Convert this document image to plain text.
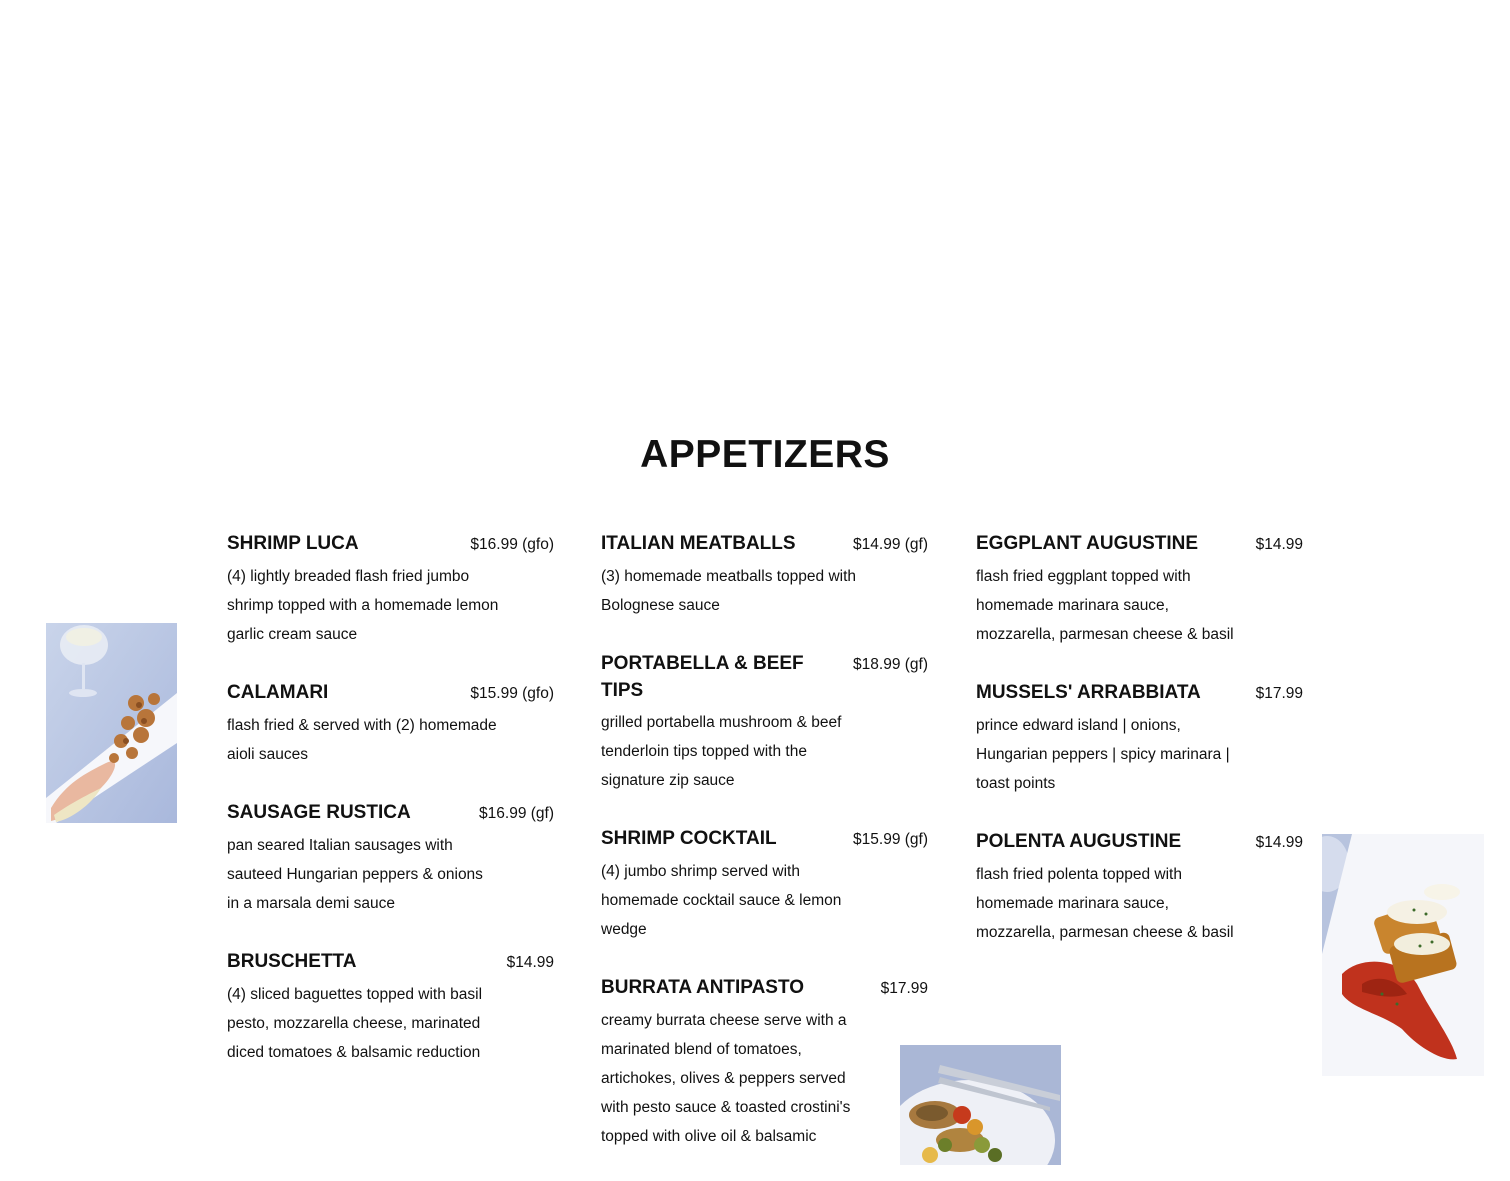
APPETIZERS
SHRIMP LUCA	$16.99 (gfo)
(4) lightly breaded flash fried jumbo shrimp topped with a homemade lemon garlic cream sauce
CALAMARI	$15.99 (gfo)
flash fried & served with (2) homemade aioli sauces
SAUSAGE RUSTICA	$16.99 (gf)
pan seared Italian sausages with sauteed Hungarian peppers & onions in a marsala demi sauce
BRUSCHETTA	$14.99
(4) sliced baguettes topped with basil pesto, mozzarella cheese, marinated diced tomatoes & balsamic reduction
ITALIAN MEATBALLS	$14.99 (gf)
(3) homemade meatballs topped with Bolognese sauce
PORTABELLA & BEEF TIPS
$18.99 (gf)
grilled portabella mushroom & beef tenderloin tips topped with the signature zip sauce
SHRIMP COCKTAIL	$15.99 (gf)
(4) jumbo shrimp served with homemade cocktail sauce & lemon wedge
BURRATA ANTIPASTO	$17.99
creamy burrata cheese serve with a marinated blend of tomatoes, artichokes, olives & peppers served with pesto sauce & toasted crostini's topped with olive oil & balsamic
EGGPLANT AUGUSTINE	$14.99
flash fried eggplant topped with homemade marinara sauce, mozzarella, parmesan cheese & basil
MUSSELS' ARRABBIATA	$17.99
prince edward island | onions, Hungarian peppers | spicy marinara | toast points
POLENTA AUGUSTINE	$14.99
flash fried polenta topped with homemade marinara sauce, mozzarella, parmesan cheese & basil
